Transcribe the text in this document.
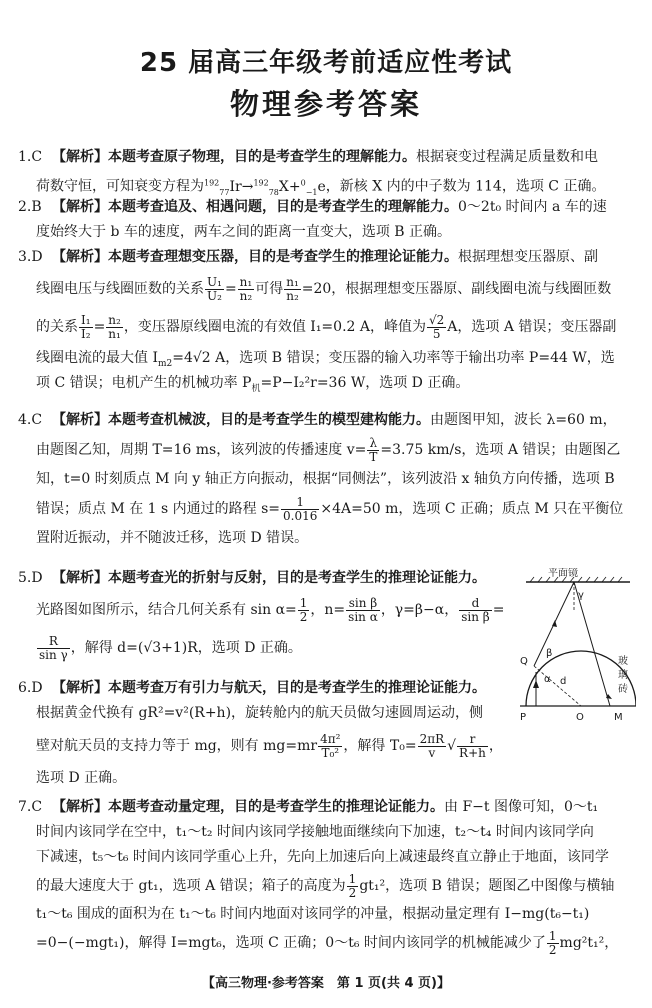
25 届高三年级考前适应性考试
物理参考答案
1.C 【解析】本题考查原子物理，目的是考查学生的理解能力。根据衰变过程满足质量数和电
荷数守恒，可知衰变方程为$^{192}_{77}$Ir→$^{192}_{78}$X+$^0_{-1}$e，新核 X 内的中子数为 114，选项 C 正确。
2.B 【解析】本题考查追及、相遇问题，目的是考查学生的理解能力。0～2t₀ 时间内 a 车的速
度始终大于 b 车的速度，两车之间的距离一直变大，选项 B 正确。
3.D 【解析】本题考查理想变压器，目的是考查学生的推理论证能力。根据理想变压器原、副
线圈电压与线圈匝数的关系 $\frac{\text{U₁}}{\text{U₂}} = \frac{\text{n₁}}{\text{n₂}}$ 可得 $\frac{\text{n₁}}{\text{n₂}} =20$，根据理想变压器原、副线圈电流与线圈匝数
的关系 $\frac{\text{I₁}}{\text{I₂}} = \frac{\text{n₂}}{\text{n₁}}$ ，变压器原线圈电流的有效值 I₁=0.2 A，峰值为 $\frac{√2}{5}$ A，选项 A 错误；变压器副
线圈电流的最大值 $I_{m2}=4√2$ A，选项 B 错误；变压器的输入功率等于输出功率 P=44 W，选
项 C 错误；电机产生的机械功率 $P_机=P-I_2^2r=36$ W，选项 D 正确。
4.C 【解析】本题考查机械波，目的是考查学生的模型建构能力。由题图甲知，波长 λ=60 m，
由题图乙知，周期 T=16 ms，该列波的传播速度 $v= \frac{\lambda}{T} =3.75$ km/s，选项 A 错误；由题图乙
知，t=0 时刻质点 M 向 y 轴正方向振动，根据“同侧法”，该列波沿 x 轴负方向传播，选项 B
错误；质点 M 在 1 s 内通过的路程 $s= \frac{1}{0.016} \times 4A=50$ m，选项 C 正确；质点 M 只在平衡位
置附近振动，并不随波迁移，选项 D 错误。
5.D 【解析】本题考查光的折射与反射，目的是考查学生的推理论证能力。
光路图如图所示，结合几何关系有 $\sin \alpha= \frac{1}{2}$ ，$n= \frac{\text{sin β}}{\text{sin α}}$ ，γ=β−α， $\frac{d}{\text{sin β}}$ =
$\frac{R}{\text{sin γ}}$ ，解得 d=(√3+1)R，选项 D 正确。
6.D 【解析】本题考查万有引力与航天，目的是考查学生的推理论证能力。
根据黄金代换有 gR²=v²(R+h)，旋转舱内的航天员做匀速圆周运动，侧
壁对航天员的支持力等于 mg，则有 $mg=mr \frac{\text{4π²}}{\text{T₀²}}$ ，解得 $T_0= \frac{2\pi R}{v}$ √ $\frac{r}{R+h}$ ，
选项 D 正确。
7.C 【解析】本题考查动量定理，目的是考查学生的推理论证能力。由 F−t 图像可知，0～t₁
时间内该同学在空中，t₁～t₂ 时间内该同学接触地面继续向下加速，t₂～t₄ 时间内该同学向
下减速，t₅～t₆ 时间内该同学重心上升，先向上加速后向上减速最终直立静止于地面，该同学
的最大速度大于 gt₁，选项 A 错误；箱子的高度为 $\frac{1}{2} gt_1^2$，选项 B 错误；题图乙中图像与横轴
t₁～t₆ 围成的面积为在 t₁～t₆ 时间内地面对该同学的冲量，根据动量定理有 I−mg(t₆−t₁)
=0−(−mgt₁)，解得 I=mgt₆，选项 C 正确；0～t₆ 时间内该同学的机械能减少了 $\frac{1}{2} mg^2t_1^2$，
平面镜
Q
P	O	M
β
α
γ
d
玻
璃
砖
【高三物理·参考答案　第 1 页(共 4 页)】
